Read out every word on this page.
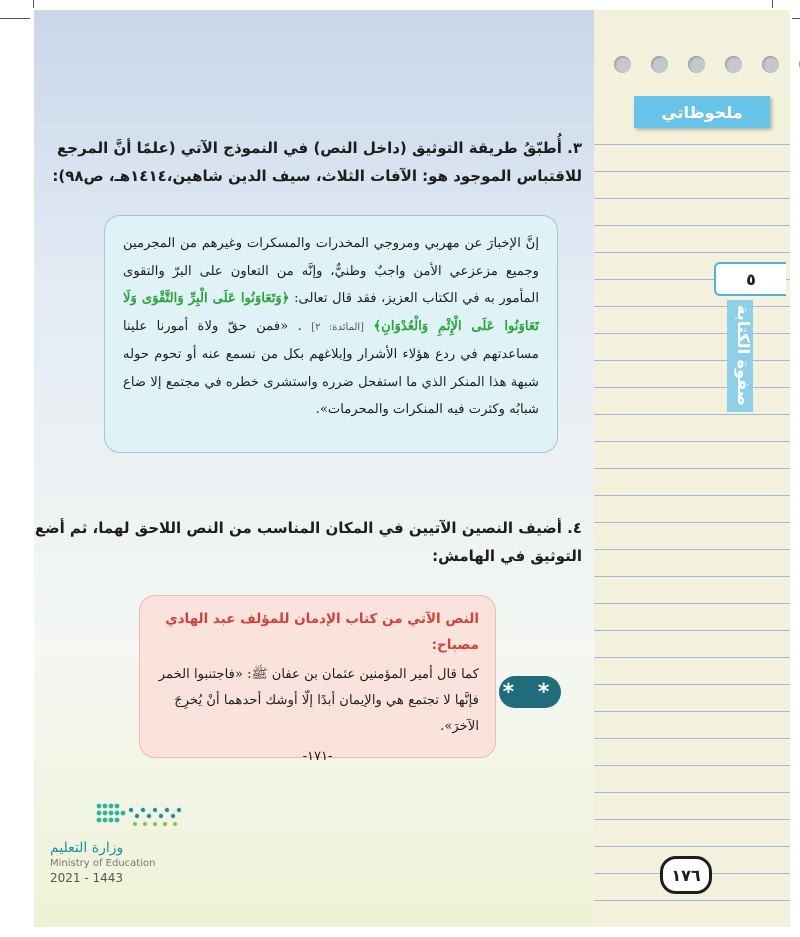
ملحوظاتي
٥
صفوة الكتابة
٣. أُطبّقُ طريقة التوثيق (داخل النص) في النموذج الآتي (علمًا أنَّ المرجع
للاقتباس الموجود هو: الآفات الثلاث، سيف الدين شاهين،١٤١٤هـ، ص٩٨):
إنَّ الإخبارَ عن مهربي ومروجي المخدرات والمسكرات وغيرهم من المجرمين وجميع مزعزعي الأمن واجبٌ وطنيٌّ، وإنَّه من التعاون على البرّ والتقوى المأمور به في الكتاب العزيز، فقد قال تعالى: ﴿وَتَعَاوَنُوا عَلَى الْبِرِّ وَالتَّقْوَى وَلَا تَعَاوَنُوا عَلَى الْإِثْمِ وَالْعُدْوَانِ﴾ [المائدة: ٢] . «فمن حقّ ولاة أمورنا علينا مساعدتهم في ردع هؤلاء الأشرار وإبلاغهم بكل من نسمع عنه أو تحوم حوله شبهة هذا المنكر الذي ما استفحل ضرره واستشرى خطره في مجتمع إلا ضاع شبابُه وكثرت فيه المنكرات والمحرمات».
٤. أضيف النصين الآتيين في المكان المناسب من النص اللاحق لهما، ثم أضع
التوثيق في الهامش:
النص الآتي من كتاب الإدمان للمؤلف عبد الهادي مصباح:
كما قال أمير المؤمنين عثمان بن عفان ﷺ: «فاجتنبوا الخمر فإنَّها لا تجتمع هي والإيمان أبدًا إلّا أوشك أحدهما أنْ يُخرِجَ الآخرَ».
-١٧١-
* *
وزارة التعليم
Ministry of Education
2021 - 1443	١٧٦
